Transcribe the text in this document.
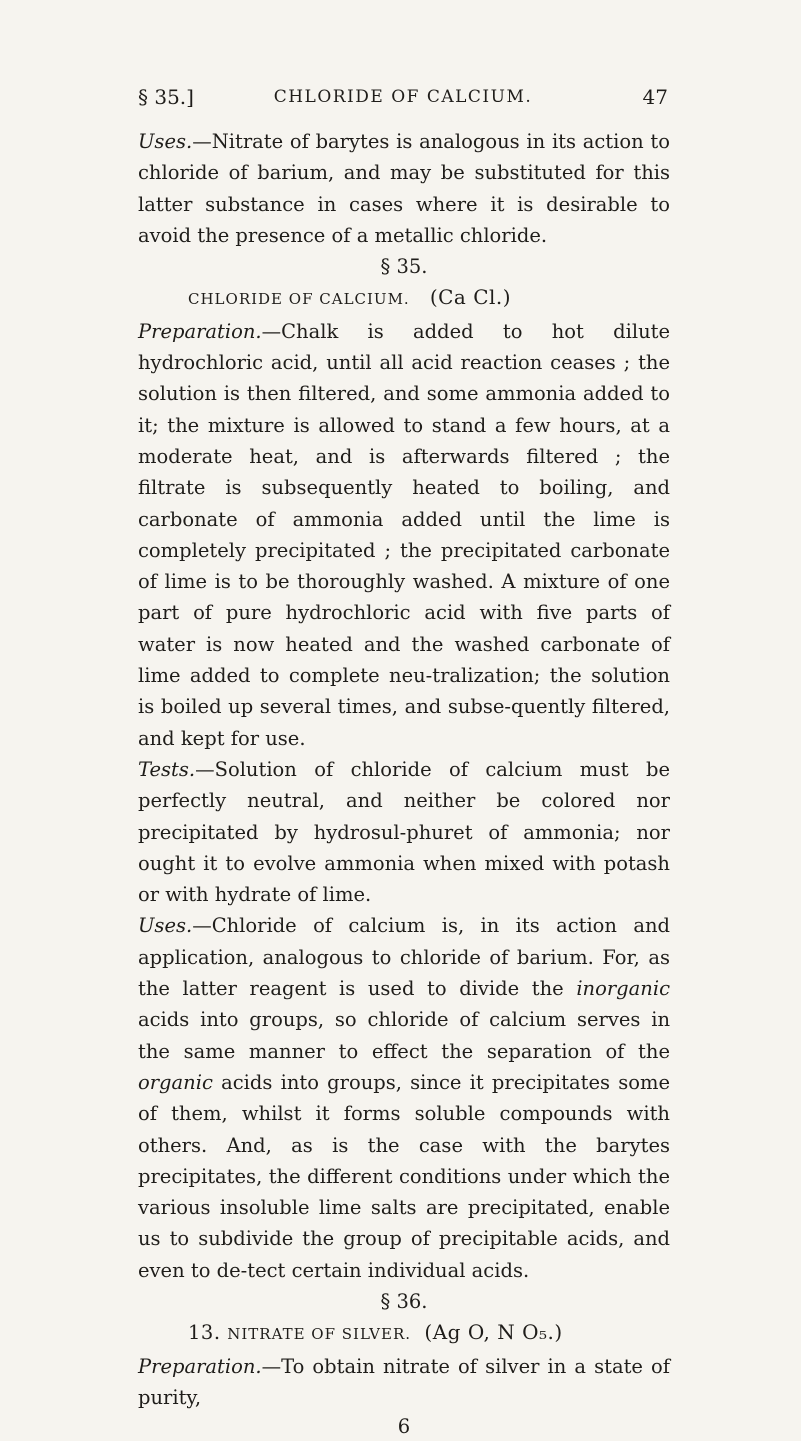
§ 35.]	CHLORIDE OF CALCIUM.	47

Uses.—Nitrate of barytes is analogous in its action to chloride of barium, and may be substituted for this latter substance in cases where it is desirable to avoid the presence of a metallic chloride.

§ 35.

CHLORIDE OF CALCIUM. (Ca Cl.)

Preparation.—Chalk is added to hot dilute hydrochloric acid, until all acid reaction ceases ; the solution is then filtered, and some ammonia added to it; the mixture is allowed to stand a few hours, at a moderate heat, and is afterwards filtered ; the filtrate is subsequently heated to boiling, and carbonate of ammonia added until the lime is completely precipitated ; the precipitated carbonate of lime is to be thoroughly washed. A mixture of one part of pure hydrochloric acid with five parts of water is now heated and the washed carbonate of lime added to complete neu-tralization; the solution is boiled up several times, and subse-quently filtered, and kept for use.

Tests.—Solution of chloride of calcium must be perfectly neutral, and neither be colored nor precipitated by hydrosul-phuret of ammonia; nor ought it to evolve ammonia when mixed with potash or with hydrate of lime.

Uses.—Chloride of calcium is, in its action and application, analogous to chloride of barium. For, as the latter reagent is used to divide the inorganic acids into groups, so chloride of calcium serves in the same manner to effect the separation of the organic acids into groups, since it precipitates some of them, whilst it forms soluble compounds with others. And, as is the case with the barytes precipitates, the different conditions under which the various insoluble lime salts are precipitated, enable us to subdivide the group of precipitable acids, and even to de-tect certain individual acids.

§ 36.

13. NITRATE OF SILVER. (Ag O, N O₅.)

Preparation.—To obtain nitrate of silver in a state of purity,

6
